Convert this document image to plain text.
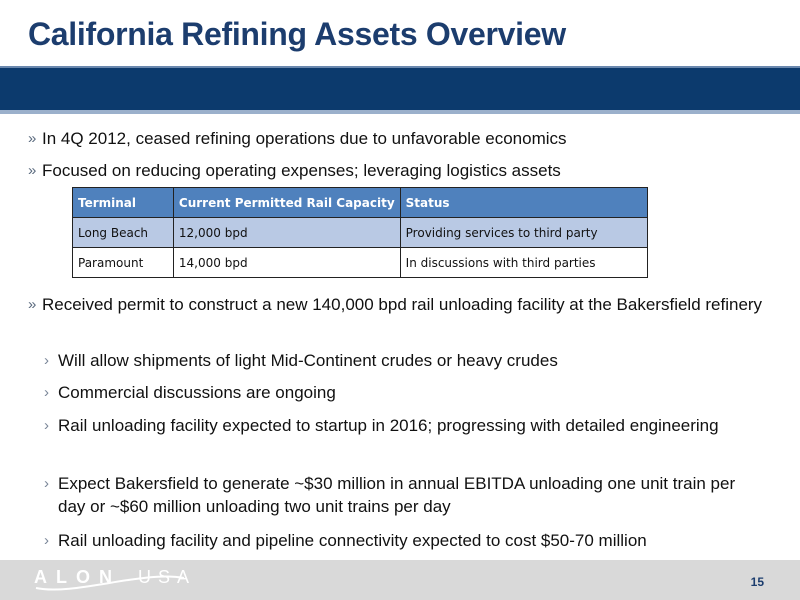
California Refining Assets Overview
» In 4Q 2012, ceased refining operations due to unfavorable economics
» Focused on reducing operating expenses; leveraging logistics assets
Terminal	Current Permitted Rail Capacity	Status
Long Beach	12,000 bpd	Providing services to third party
Paramount	14,000 bpd	In discussions with third parties
» Received permit to construct a new 140,000 bpd rail unloading facility at the Bakersfield refinery
› Will allow shipments of light Mid-Continent crudes or heavy crudes
› Commercial discussions are ongoing
› Rail unloading facility expected to startup in 2016; progressing with detailed engineering
› Expect Bakersfield to generate ~$30 million in annual EBITDA unloading one unit train per day or ~$60 million unloading two unit trains per day
› Rail unloading facility and pipeline connectivity expected to cost $50-70 million
ALON USA	15
